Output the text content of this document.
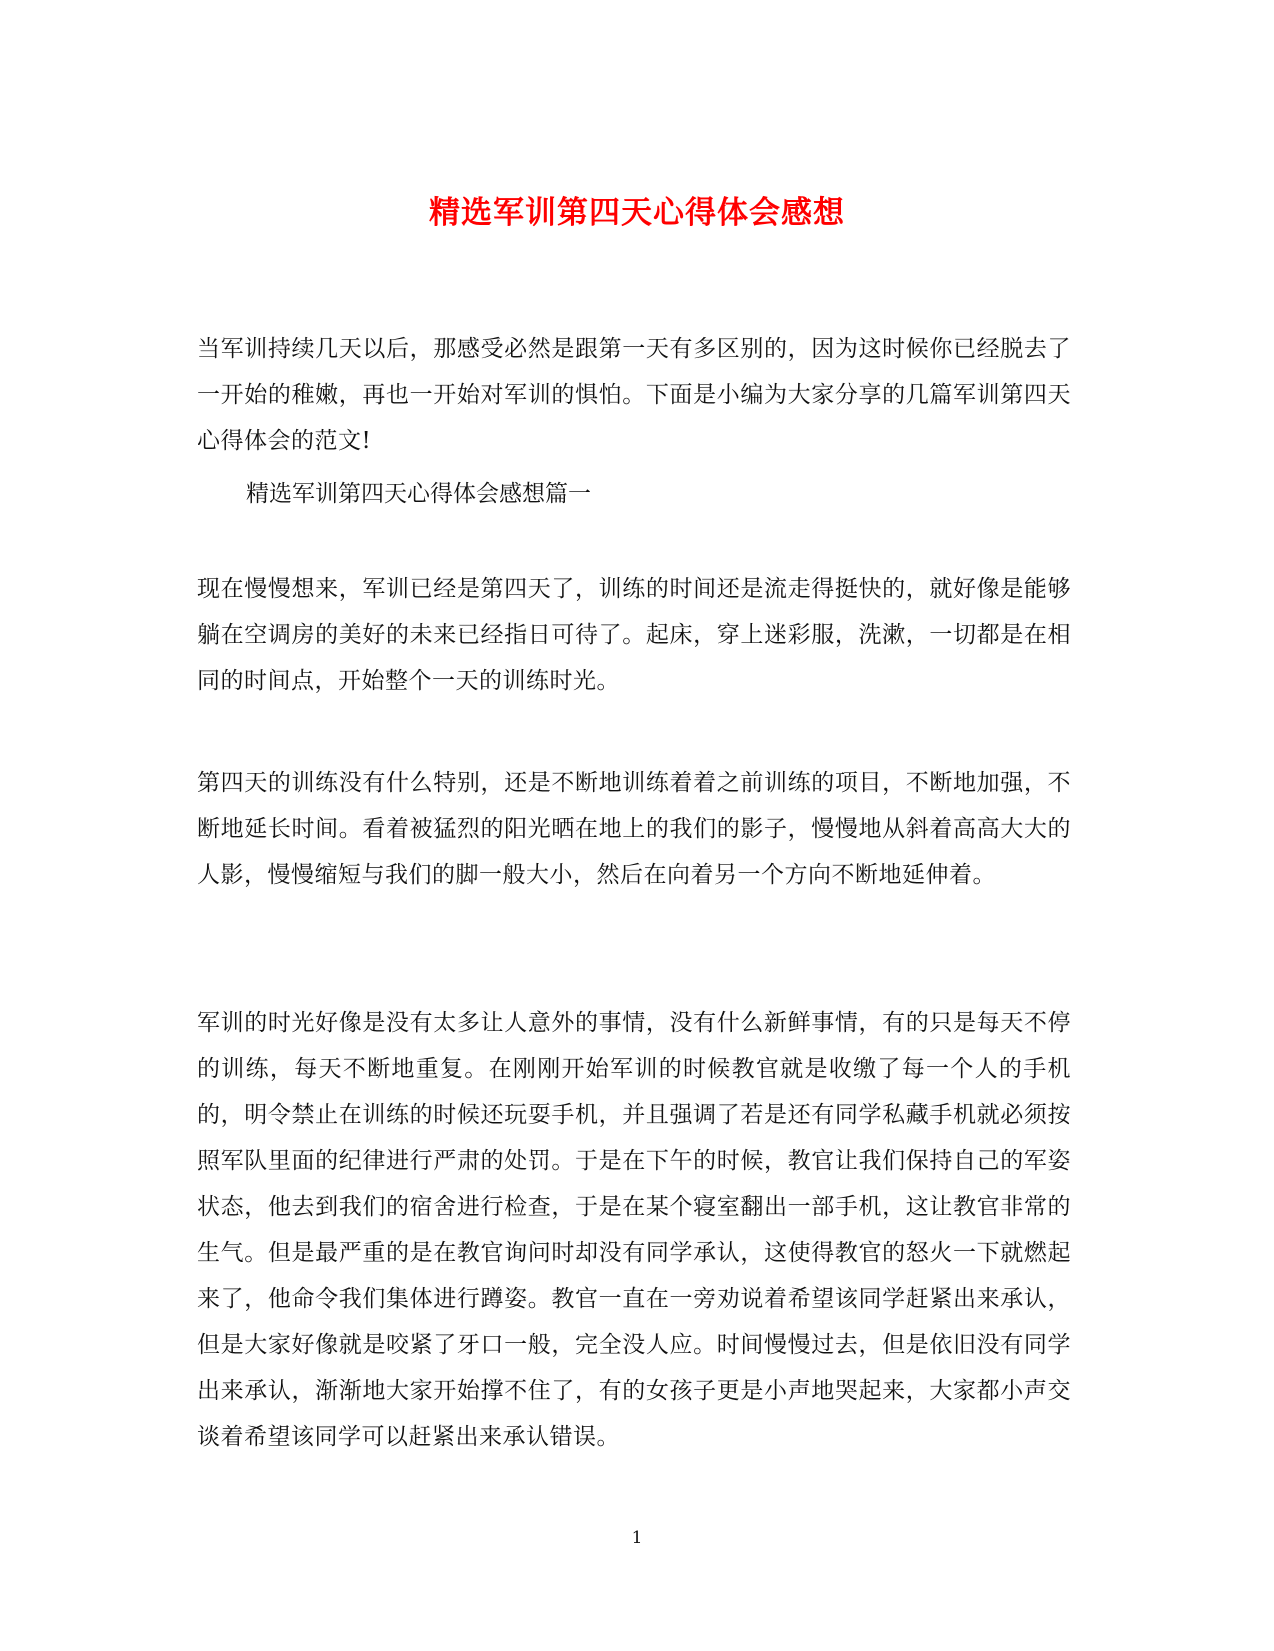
精选军训第四天心得体会感想

当军训持续几天以后，那感受必然是跟第一天有多区别的，因为这时候你已经脱去了一开始的稚嫩，再也一开始对军训的惧怕。下面是小编为大家分享的几篇军训第四天心得体会的范文!

精选军训第四天心得体会感想篇一

现在慢慢想来，军训已经是第四天了，训练的时间还是流走得挺快的，就好像是能够躺在空调房的美好的未来已经指日可待了。起床，穿上迷彩服，洗漱，一切都是在相同的时间点，开始整个一天的训练时光。

第四天的训练没有什么特别，还是不断地训练着着之前训练的项目，不断地加强，不断地延长时间。看着被猛烈的阳光晒在地上的我们的影子，慢慢地从斜着高高大大的人影，慢慢缩短与我们的脚一般大小，然后在向着另一个方向不断地延伸着。

军训的时光好像是没有太多让人意外的事情，没有什么新鲜事情，有的只是每天不停的训练，每天不断地重复。在刚刚开始军训的时候教官就是收缴了每一个人的手机的，明令禁止在训练的时候还玩耍手机，并且强调了若是还有同学私藏手机就必须按照军队里面的纪律进行严肃的处罚。于是在下午的时候，教官让我们保持自己的军姿状态，他去到我们的宿舍进行检查，于是在某个寝室翻出一部手机，这让教官非常的生气。但是最严重的是在教官询问时却没有同学承认，这使得教官的怒火一下就燃起来了，他命令我们集体进行蹲姿。教官一直在一旁劝说着希望该同学赶紧出来承认，但是大家好像就是咬紧了牙口一般，完全没人应。时间慢慢过去，但是依旧没有同学出来承认，渐渐地大家开始撑不住了，有的女孩子更是小声地哭起来，大家都小声交谈着希望该同学可以赶紧出来承认错误。

1
